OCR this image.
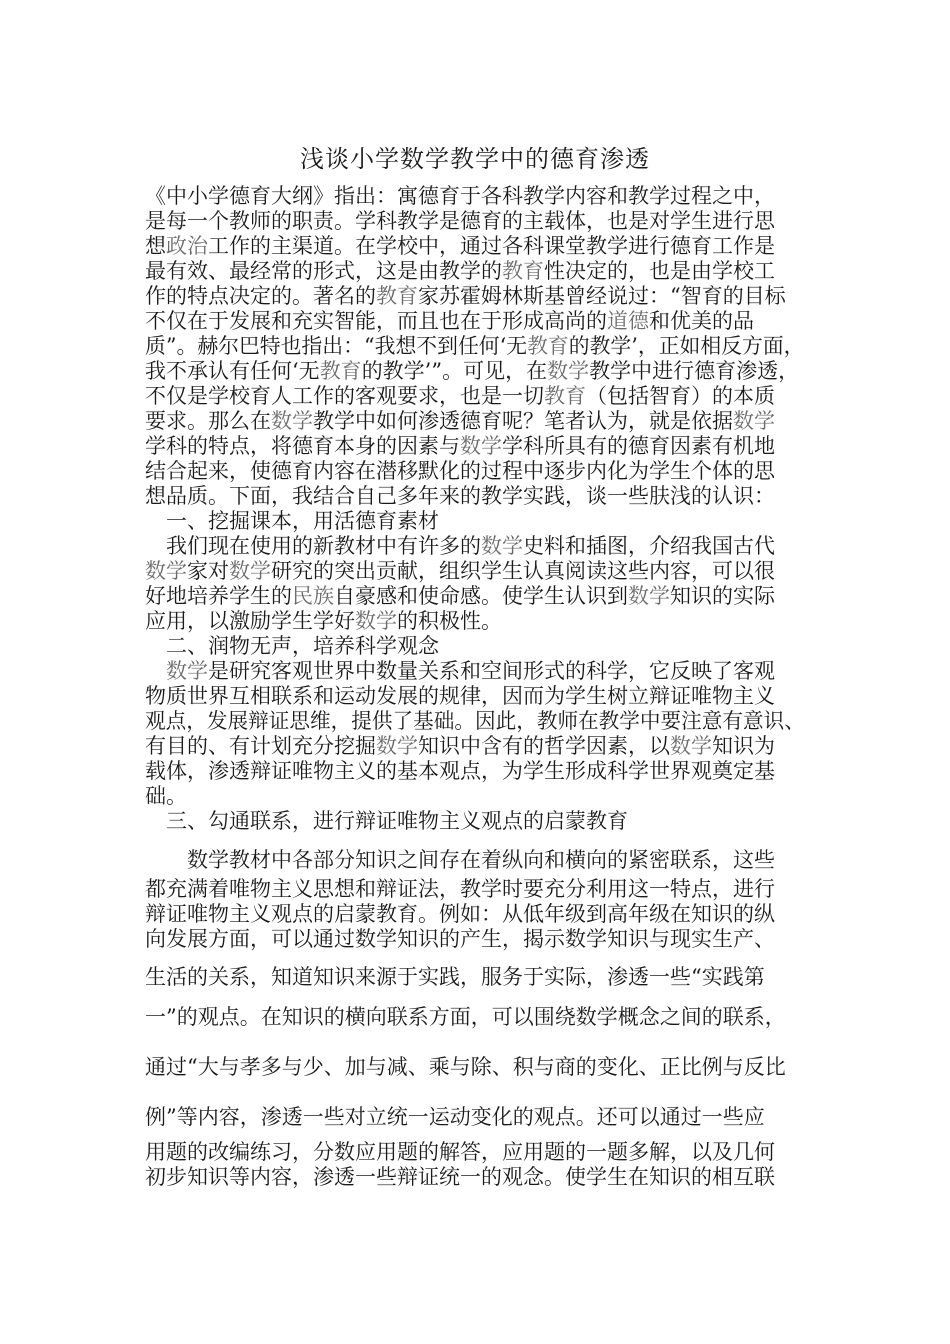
浅谈小学数学教学中的德育渗透
《中小学德育大纲》指出：寓德育于各科教学内容和教学过程之中，
是每一个教师的职责。学科教学是德育的主载体，也是对学生进行思
想政治工作的主渠道。在学校中，通过各科课堂教学进行德育工作是
最有效、最经常的形式，这是由教学的教育性决定的，也是由学校工
作的特点决定的。著名的教育家苏霍姆林斯基曾经说过：“智育的目标
不仅在于发展和充实智能，而且也在于形成高尚的道德和优美的品
质”。赫尔巴特也指出：“我想不到任何‘无教育的教学’，正如相反方面，
我不承认有任何‘无教育的教学’”。可见，在数学教学中进行德育渗透，
不仅是学校育人工作的客观要求，也是一切教育（包括智育）的本质
要求。那么在数学教学中如何渗透德育呢？笔者认为，就是依据数学
学科的特点，将德育本身的因素与数学学科所具有的德育因素有机地
结合起来，使德育内容在潜移默化的过程中逐步内化为学生个体的思
想品质。下面，我结合自己多年来的教学实践，谈一些肤浅的认识：
　一、挖掘课本，用活德育素材
　我们现在使用的新教材中有许多的数学史料和插图，介绍我国古代
数学家对数学研究的突出贡献，组织学生认真阅读这些内容，可以很
好地培养学生的民族自豪感和使命感。使学生认识到数学知识的实际
应用，以激励学生学好数学的积极性。
　二、润物无声，培养科学观念
　数学是研究客观世界中数量关系和空间形式的科学，它反映了客观
物质世界互相联系和运动发展的规律，因而为学生树立辩证唯物主义
观点，发展辩证思维，提供了基础。因此，教师在教学中要注意有意识、
有目的、有计划充分挖掘数学知识中含有的哲学因素，以数学知识为
载体，渗透辩证唯物主义的基本观点，为学生形成科学世界观奠定基
础。
　三、勾通联系，进行辩证唯物主义观点的启蒙教育
　　数学教材中各部分知识之间存在着纵向和横向的紧密联系，这些
都充满着唯物主义思想和辩证法，教学时要充分利用这一特点，进行
辩证唯物主义观点的启蒙教育。例如：从低年级到高年级在知识的纵
向发展方面，可以通过数学知识的产生，揭示数学知识与现实生产、
生活的关系，知道知识来源于实践，服务于实际，渗透一些“实践第
一”的观点。在知识的横向联系方面，可以围绕数学概念之间的联系，
通过“大与孝多与少、加与减、乘与除、积与商的变化、正比例与反比
例”等内容，渗透一些对立统一运动变化的观点。还可以通过一些应
用题的改编练习，分数应用题的解答，应用题的一题多解，以及几何
初步知识等内容，渗透一些辩证统一的观念。使学生在知识的相互联
